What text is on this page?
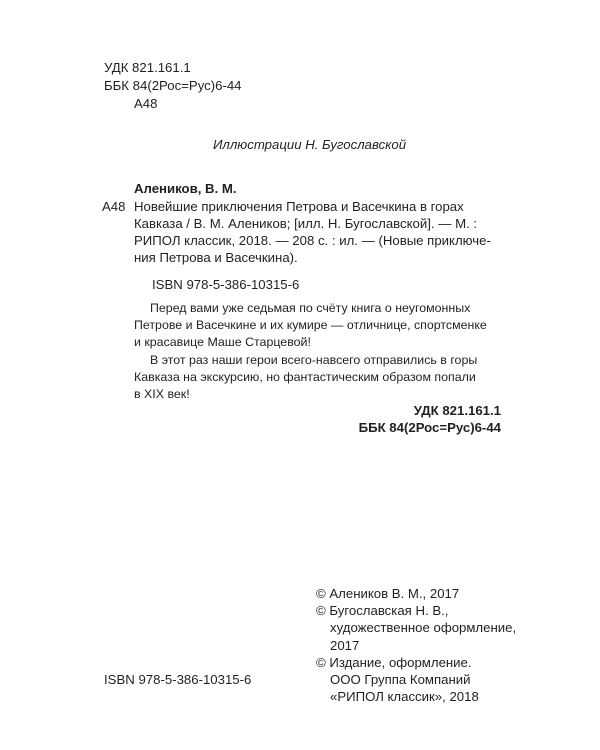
УДК 821.161.1
ББК 84(2Рос=Рус)6-44
А48
Иллюстрации Н. Бугославской
Алеников, В. М.
А48 Новейшие приключения Петрова и Васечкина в горах
Кавказа / В. М. Алеников; [илл. Н. Бугославской]. — М. :
РИПОЛ классик, 2018. — 208 с. : ил. — (Новые приключе-
ния Петрова и Васечкина).
ISBN 978-5-386-10315-6
Перед вами уже седьмая по счёту книга о неугомонных
Петрове и Васечкине и их кумире — отличнице, спортсменке
и красавице Маше Старцевой!
В этот раз наши герои всего-навсего отправились в горы
Кавказа на экскурсию, но фантастическим образом попали
в XIX век!
УДК 821.161.1
ББК 84(2Рос=Рус)6-44
© Алеников В. М., 2017
© Бугославская Н. В.,
художественное оформление,
2017
© Издание, оформление.
ООО Группа Компаний
«РИПОЛ классик», 2018
ISBN 978-5-386-10315-6
